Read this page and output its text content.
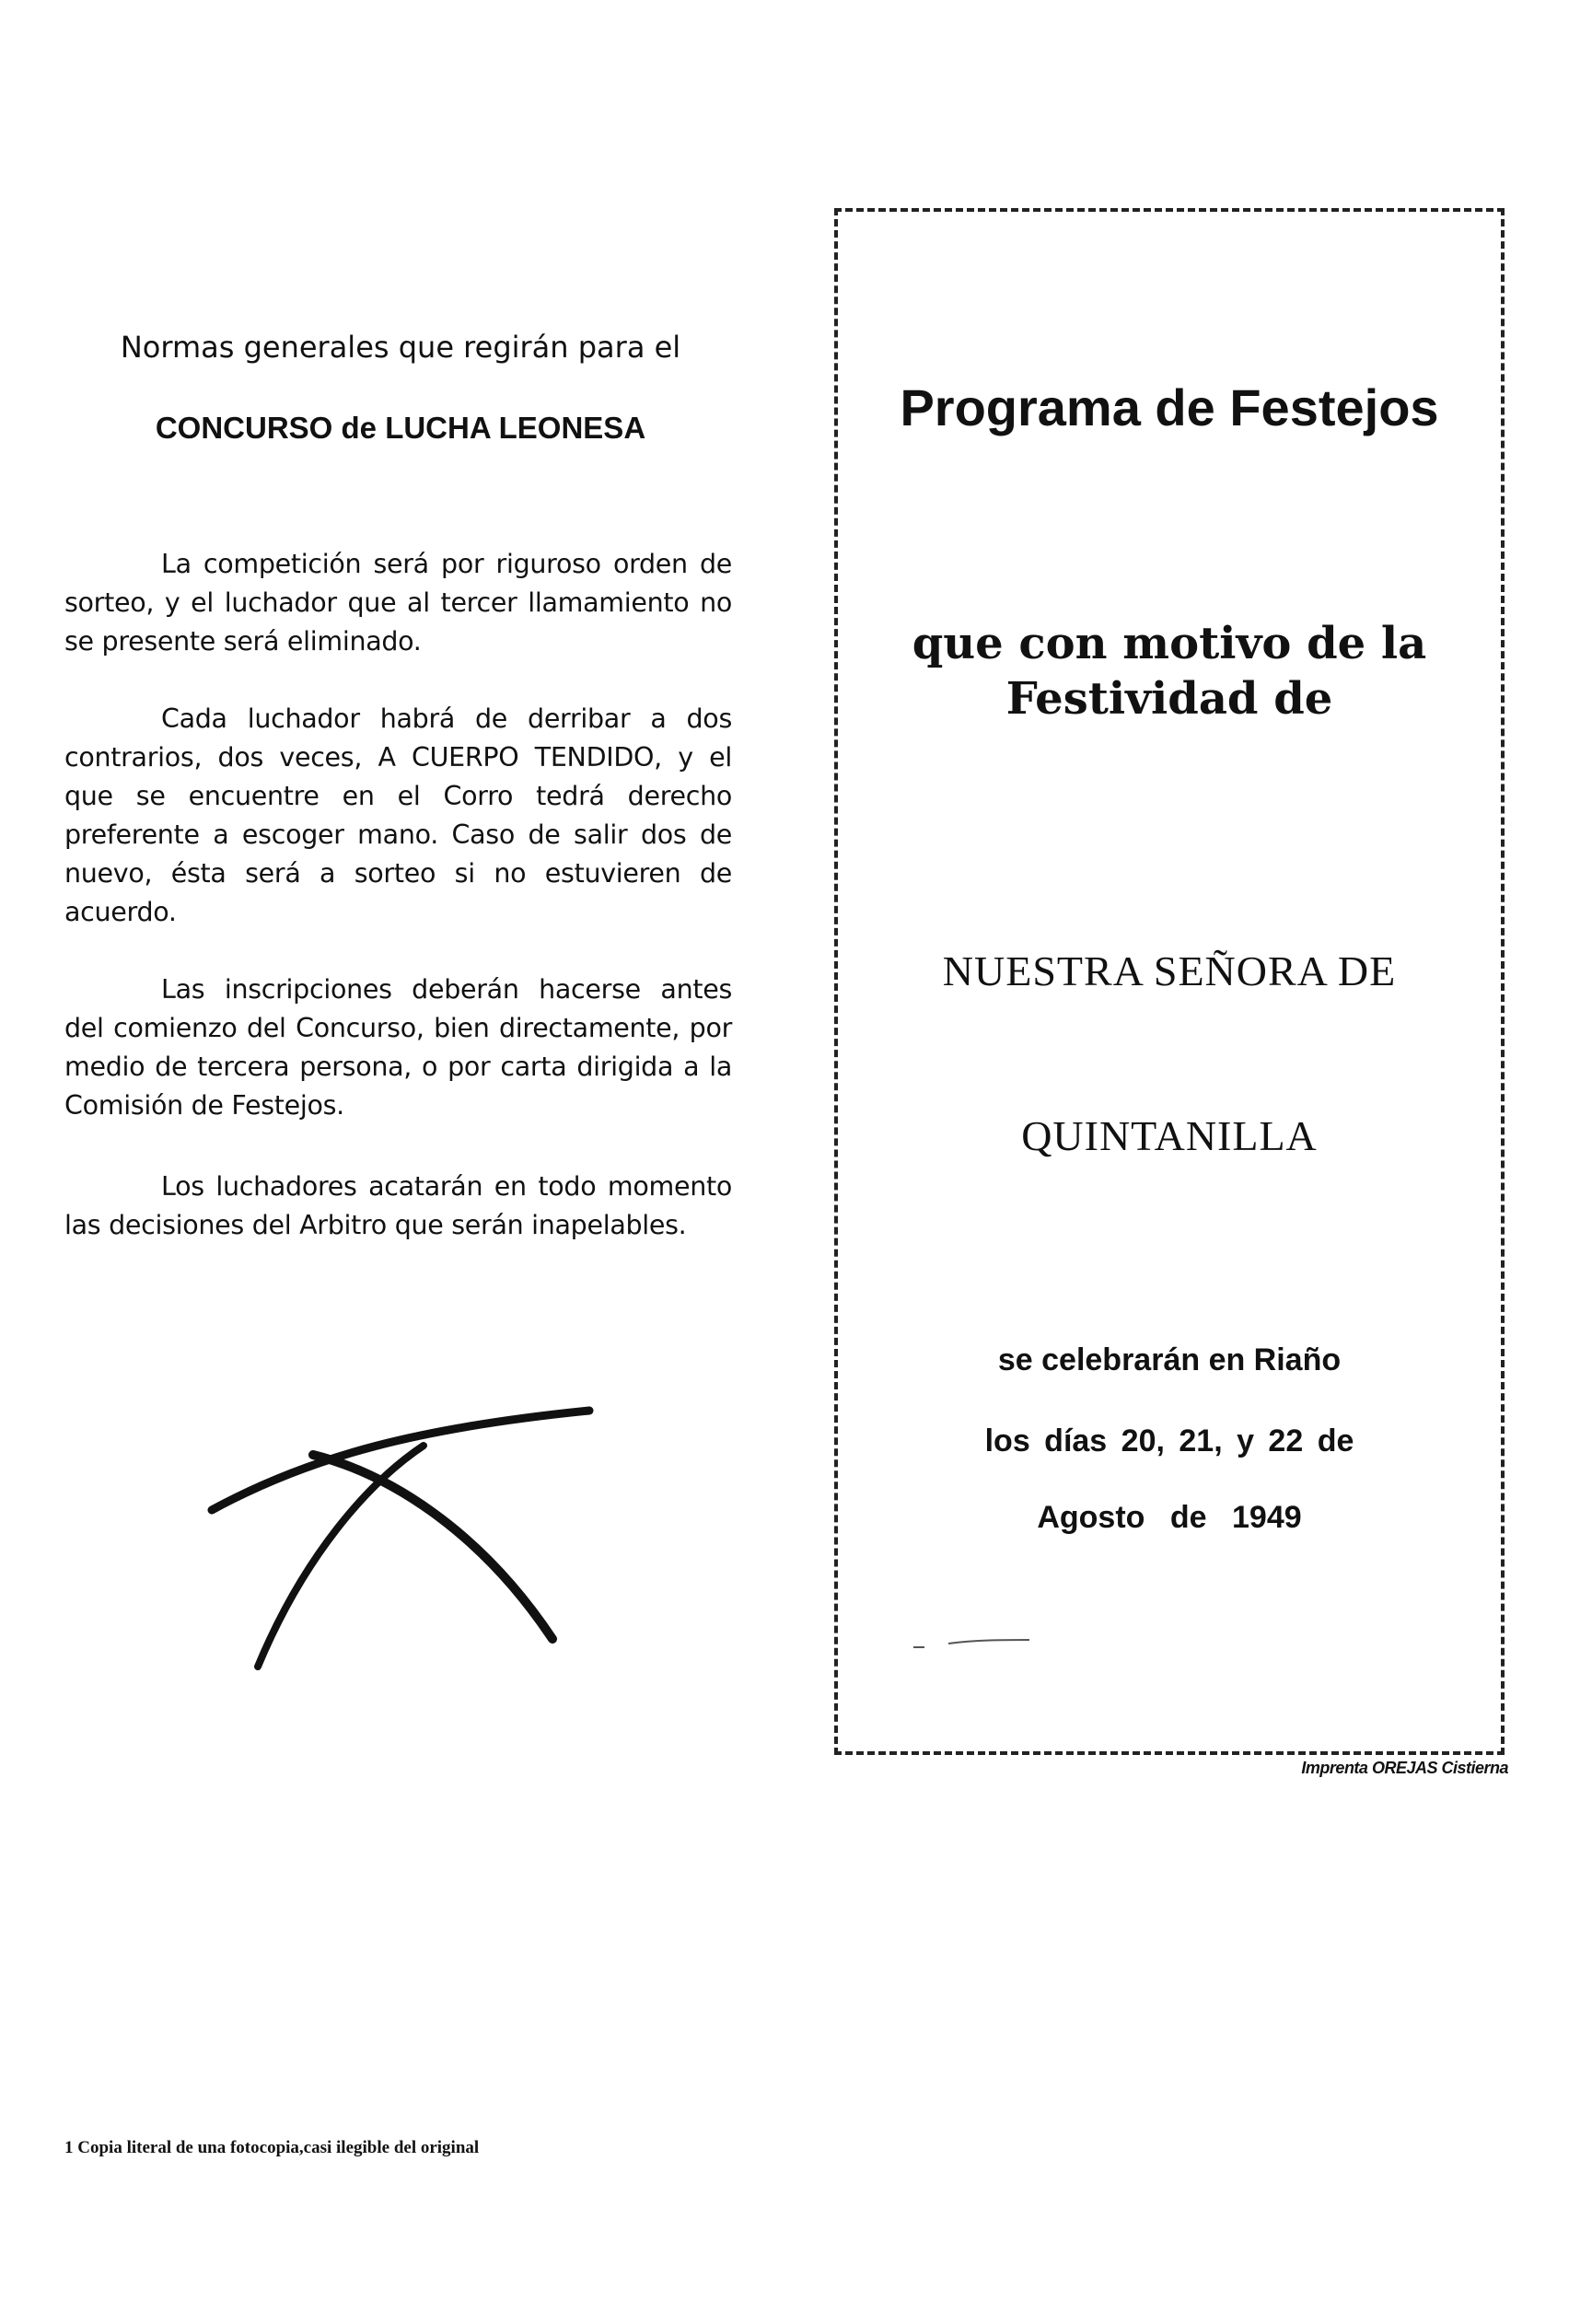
Normas generales que regirán para el
CONCURSO de LUCHA LEONESA
La competición será por riguroso orden de sorteo, y el luchador que al tercer llamamiento no se presente será eliminado.
Cada luchador habrá de derribar a dos contrarios, dos veces, A CUERPO TENDIDO, y el que se encuentre en el Corro tedrá derecho preferente a escoger mano. Caso de salir dos de nuevo, ésta será a sorteo si no estuvieren de acuerdo.
Las inscripciones deberán hacerse antes del comienzo del Concurso, bien directamente, por medio de tercera persona, o por carta dirigida a la Comisión de Festejos.
Los luchadores acatarán en todo momento las decisiones del Arbitro que serán inapelables.
Programa de Festejos
que con motivo de la
Festividad de
NUESTRA SEÑORA DE
QUINTANILLA
se celebrarán en Riaño
los días 20, 21, y 22 de
Agosto de 1949
Imprenta OREJAS Cistierna
1 Copia literal de una fotocopia,casi ilegible del original
